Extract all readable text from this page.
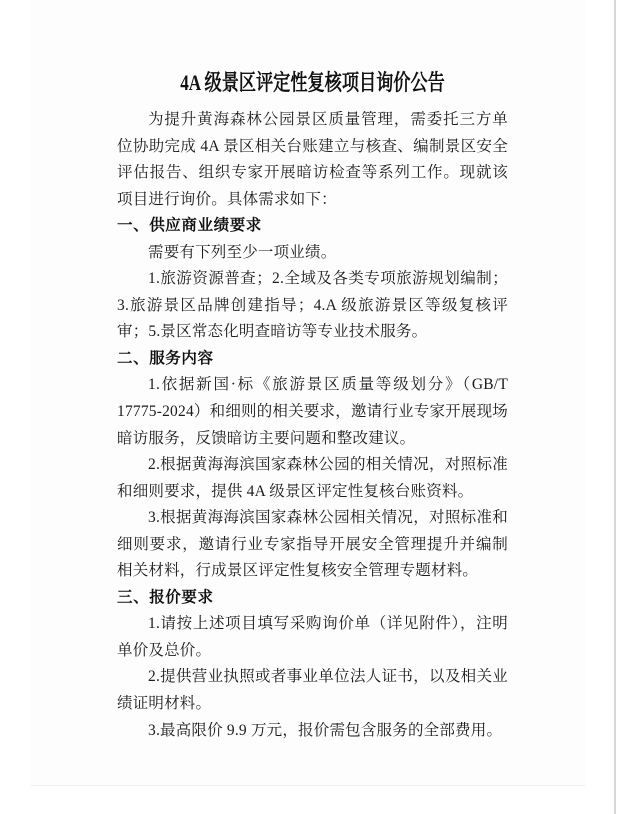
4A 级景区评定性复核项目询价公告

为提升黄海森林公园景区质量管理，需委托三方单位协助完成 4A 景区相关台账建立与核查、编制景区安全评估报告、组织专家开展暗访检查等系列工作。现就该项目进行询价。具体需求如下：

一、供应商业绩要求

需要有下列至少一项业绩。

1.旅游资源普查；2.全域及各类专项旅游规划编制；3.旅游景区品牌创建指导；4.A 级旅游景区等级复核评审；5.景区常态化明查暗访等专业技术服务。

二、服务内容

1.依据新国·标《旅游景区质量等级划分》（GB/T 17775-2024）和细则的相关要求，邀请行业专家开展现场暗访服务，反馈暗访主要问题和整改建议。

2.根据黄海海滨国家森林公园的相关情况，对照标准和细则要求，提供 4A 级景区评定性复核台账资料。

3.根据黄海海滨国家森林公园相关情况，对照标准和细则要求，邀请行业专家指导开展安全管理提升并编制相关材料，行成景区评定性复核安全管理专题材料。

三、报价要求

1.请按上述项目填写采购询价单（详见附件），注明单价及总价。

2.提供营业执照或者事业单位法人证书，以及相关业绩证明材料。

3.最高限价 9.9 万元，报价需包含服务的全部费用。
